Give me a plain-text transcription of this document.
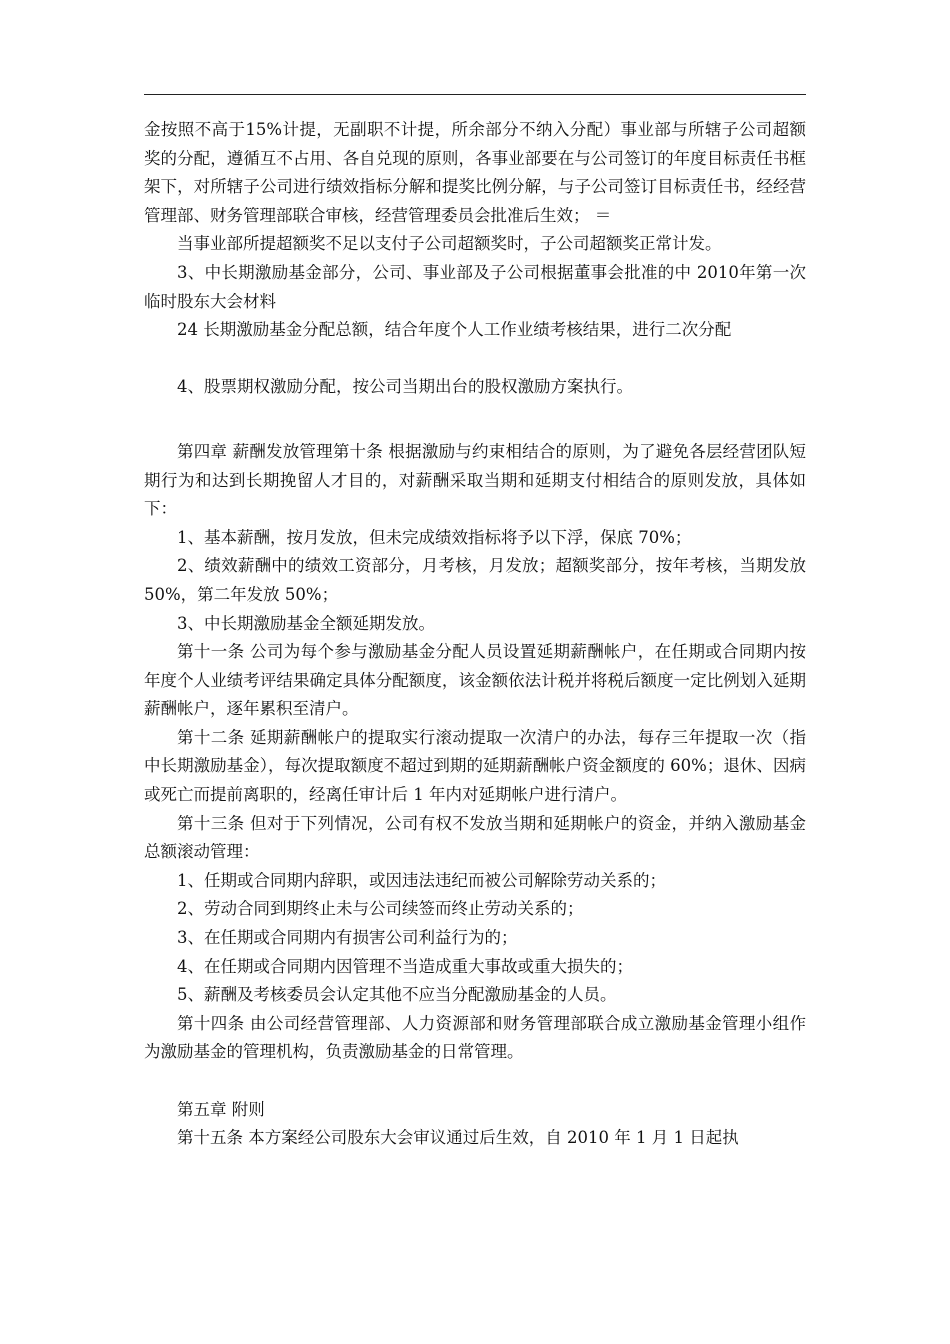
金按照不高于15%计提，无副职不计提，所余部分不纳入分配）事业部与所辖子公司超额奖的分配，遵循互不占用、各自兑现的原则，各事业部要在与公司签订的年度目标责任书框架下，对所辖子公司进行绩效指标分解和提奖比例分解，与子公司签订目标责任书，经经营管理部、财务管理部联合审核，经营管理委员会批准后生效； ＝

当事业部所提超额奖不足以支付子公司超额奖时，子公司超额奖正常计发。

3、中长期激励基金部分，公司、事业部及子公司根据董事会批准的中 2010年第一次临时股东大会材料

24 长期激励基金分配总额，结合年度个人工作业绩考核结果，进行二次分配

4、股票期权激励分配，按公司当期出台的股权激励方案执行。

第四章 薪酬发放管理第十条 根据激励与约束相结合的原则，为了避免各层经营团队短期行为和达到长期挽留人才目的，对薪酬采取当期和延期支付相结合的原则发放，具体如下：

1、基本薪酬，按月发放，但未完成绩效指标将予以下浮，保底 70%；

2、绩效薪酬中的绩效工资部分，月考核，月发放；超额奖部分，按年考核，当期发放 50%，第二年发放 50%；

3、中长期激励基金全额延期发放。

第十一条 公司为每个参与激励基金分配人员设置延期薪酬帐户，在任期或合同期内按年度个人业绩考评结果确定具体分配额度，该金额依法计税并将税后额度一定比例划入延期薪酬帐户，逐年累积至清户。

第十二条 延期薪酬帐户的提取实行滚动提取一次清户的办法，每存三年提取一次（指中长期激励基金），每次提取额度不超过到期的延期薪酬帐户资金额度的 60%；退休、因病或死亡而提前离职的，经离任审计后 1 年内对延期帐户进行清户。

第十三条 但对于下列情况，公司有权不发放当期和延期帐户的资金，并纳入激励基金总额滚动管理：

1、任期或合同期内辞职，或因违法违纪而被公司解除劳动关系的；

2、劳动合同到期终止未与公司续签而终止劳动关系的；

3、在任期或合同期内有损害公司利益行为的；

4、在任期或合同期内因管理不当造成重大事故或重大损失的；

5、薪酬及考核委员会认定其他不应当分配激励基金的人员。

第十四条 由公司经营管理部、人力资源部和财务管理部联合成立激励基金管理小组作为激励基金的管理机构，负责激励基金的日常管理。

第五章 附则

第十五条 本方案经公司股东大会审议通过后生效，自 2010 年 1 月 1 日起执
